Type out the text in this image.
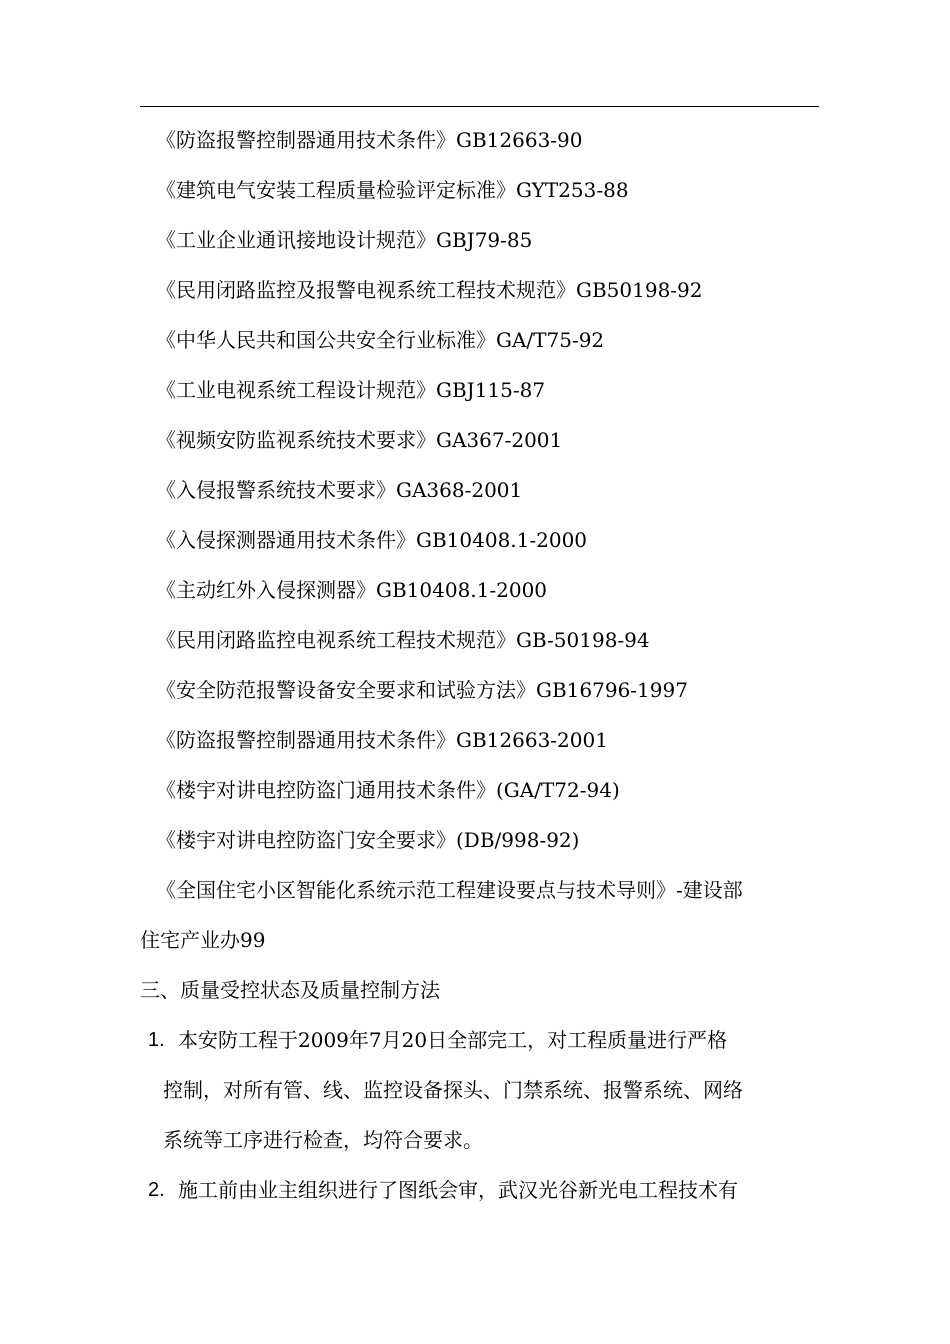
《防盗报警控制器通用技术条件》GB12663-90
《建筑电气安装工程质量检验评定标准》GYT253-88
《工业企业通讯接地设计规范》GBJ79-85
《民用闭路监控及报警电视系统工程技术规范》GB50198-92
《中华人民共和国公共安全行业标准》GA/T75-92
《工业电视系统工程设计规范》GBJ115-87
《视频安防监视系统技术要求》GA367-2001
《入侵报警系统技术要求》GA368-2001
《入侵探测器通用技术条件》GB10408.1-2000
《主动红外入侵探测器》GB10408.1-2000
《民用闭路监控电视系统工程技术规范》GB-50198-94
《安全防范报警设备安全要求和试验方法》GB16796-1997
《防盗报警控制器通用技术条件》GB12663-2001
《楼宇对讲电控防盗门通用技术条件》(GA/T72-94)
《楼宇对讲电控防盗门安全要求》(DB/998-92)
《全国住宅小区智能化系统示范工程建设要点与技术导则》-建设部
住宅产业办99
三、质量受控状态及质量控制方法
1. 本安防工程于2009年7月20日全部完工，对工程质量进行严格
控制，对所有管、线、监控设备探头、门禁系统、报警系统、网络
系统等工序进行检查，均符合要求。
2. 施工前由业主组织进行了图纸会审，武汉光谷新光电工程技术有
